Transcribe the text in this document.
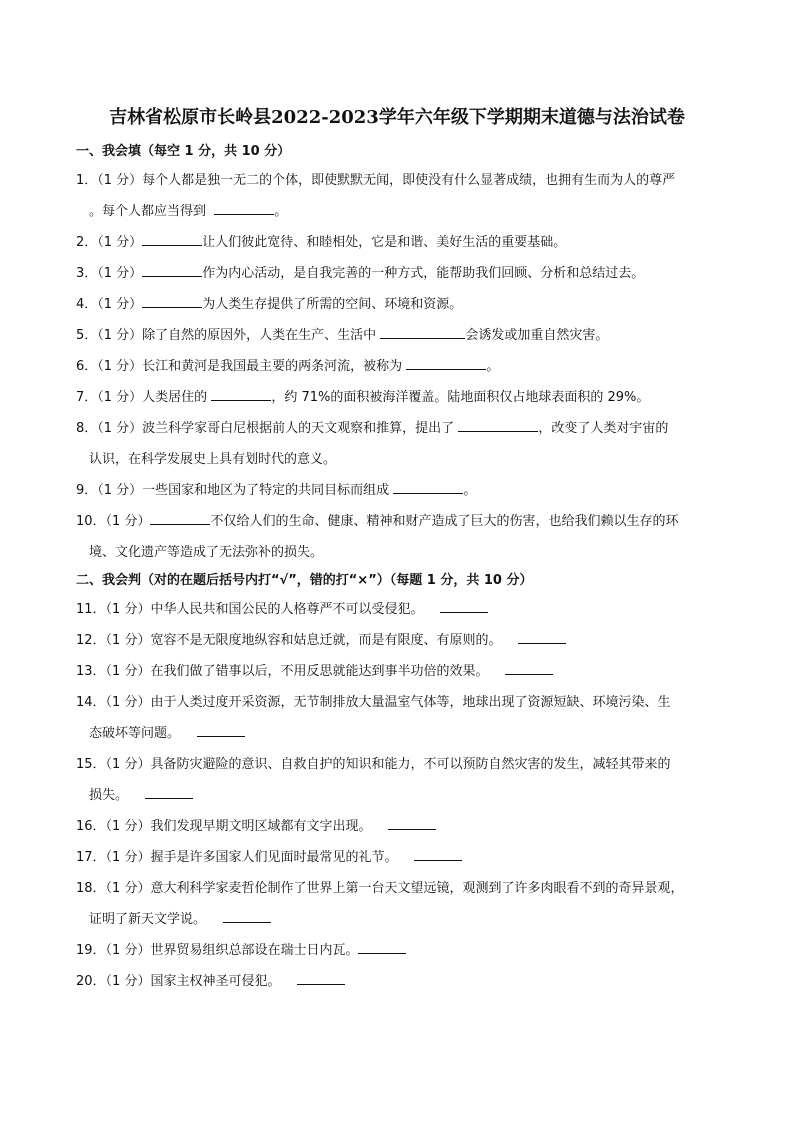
吉林省松原市长岭县2022-2023学年六年级下学期期末道德与法治试卷
一、我会填（每空 1 分，共 10 分）
1．（1 分）每个人都是独一无二的个体，即使默默无闻，即使没有什么显著成绩，也拥有生而为人的尊严
。每个人都应当得到	。
2．（1 分）	让人们彼此宽待、和睦相处，它是和谐、美好生活的重要基础。
3．（1 分）	作为内心活动，是自我完善的一种方式，能帮助我们回顾、分析和总结过去。
4．（1 分）	为人类生存提供了所需的空间、环境和资源。
5．（1 分）除了自然的原因外，人类在生产、生活中	会诱发或加重自然灾害。
6．（1 分）长江和黄河是我国最主要的两条河流，被称为	。
7．（1 分）人类居住的	，约 71%的面积被海洋覆盖。陆地面积仅占地球表面积的 29%。
8．（1 分）波兰科学家哥白尼根据前人的天文观察和推算，提出了	，改变了人类对宇宙的
认识，在科学发展史上具有划时代的意义。
9．（1 分）一些国家和地区为了特定的共同目标而组成	。
10．（1 分）	不仅给人们的生命、健康、精神和财产造成了巨大的伤害，也给我们赖以生存的环
境、文化遗产等造成了无法弥补的损失。
二、我会判（对的在题后括号内打“√”，错的打“×”）（每题 1 分，共 10 分）
11．（1 分）中华人民共和国公民的人格尊严不可以受侵犯。
12．（1 分）宽容不是无限度地纵容和姑息迁就，而是有限度、有原则的。
13．（1 分）在我们做了错事以后，不用反思就能达到事半功倍的效果。
14．（1 分）由于人类过度开采资源，无节制排放大量温室气体等，地球出现了资源短缺、环境污染、生
态破坏等问题。
15．（1 分）具备防灾避险的意识、自救自护的知识和能力，不可以预防自然灾害的发生，减轻其带来的
损失。
16．（1 分）我们发现早期文明区域都有文字出现。
17．（1 分）握手是许多国家人们见面时最常见的礼节。
18．（1 分）意大利科学家麦哲伦制作了世界上第一台天文望远镜，观测到了许多肉眼看不到的奇异景观，
证明了新天文学说。
19．（1 分）世界贸易组织总部设在瑞士日内瓦。
20．（1 分）国家主权神圣可侵犯。
